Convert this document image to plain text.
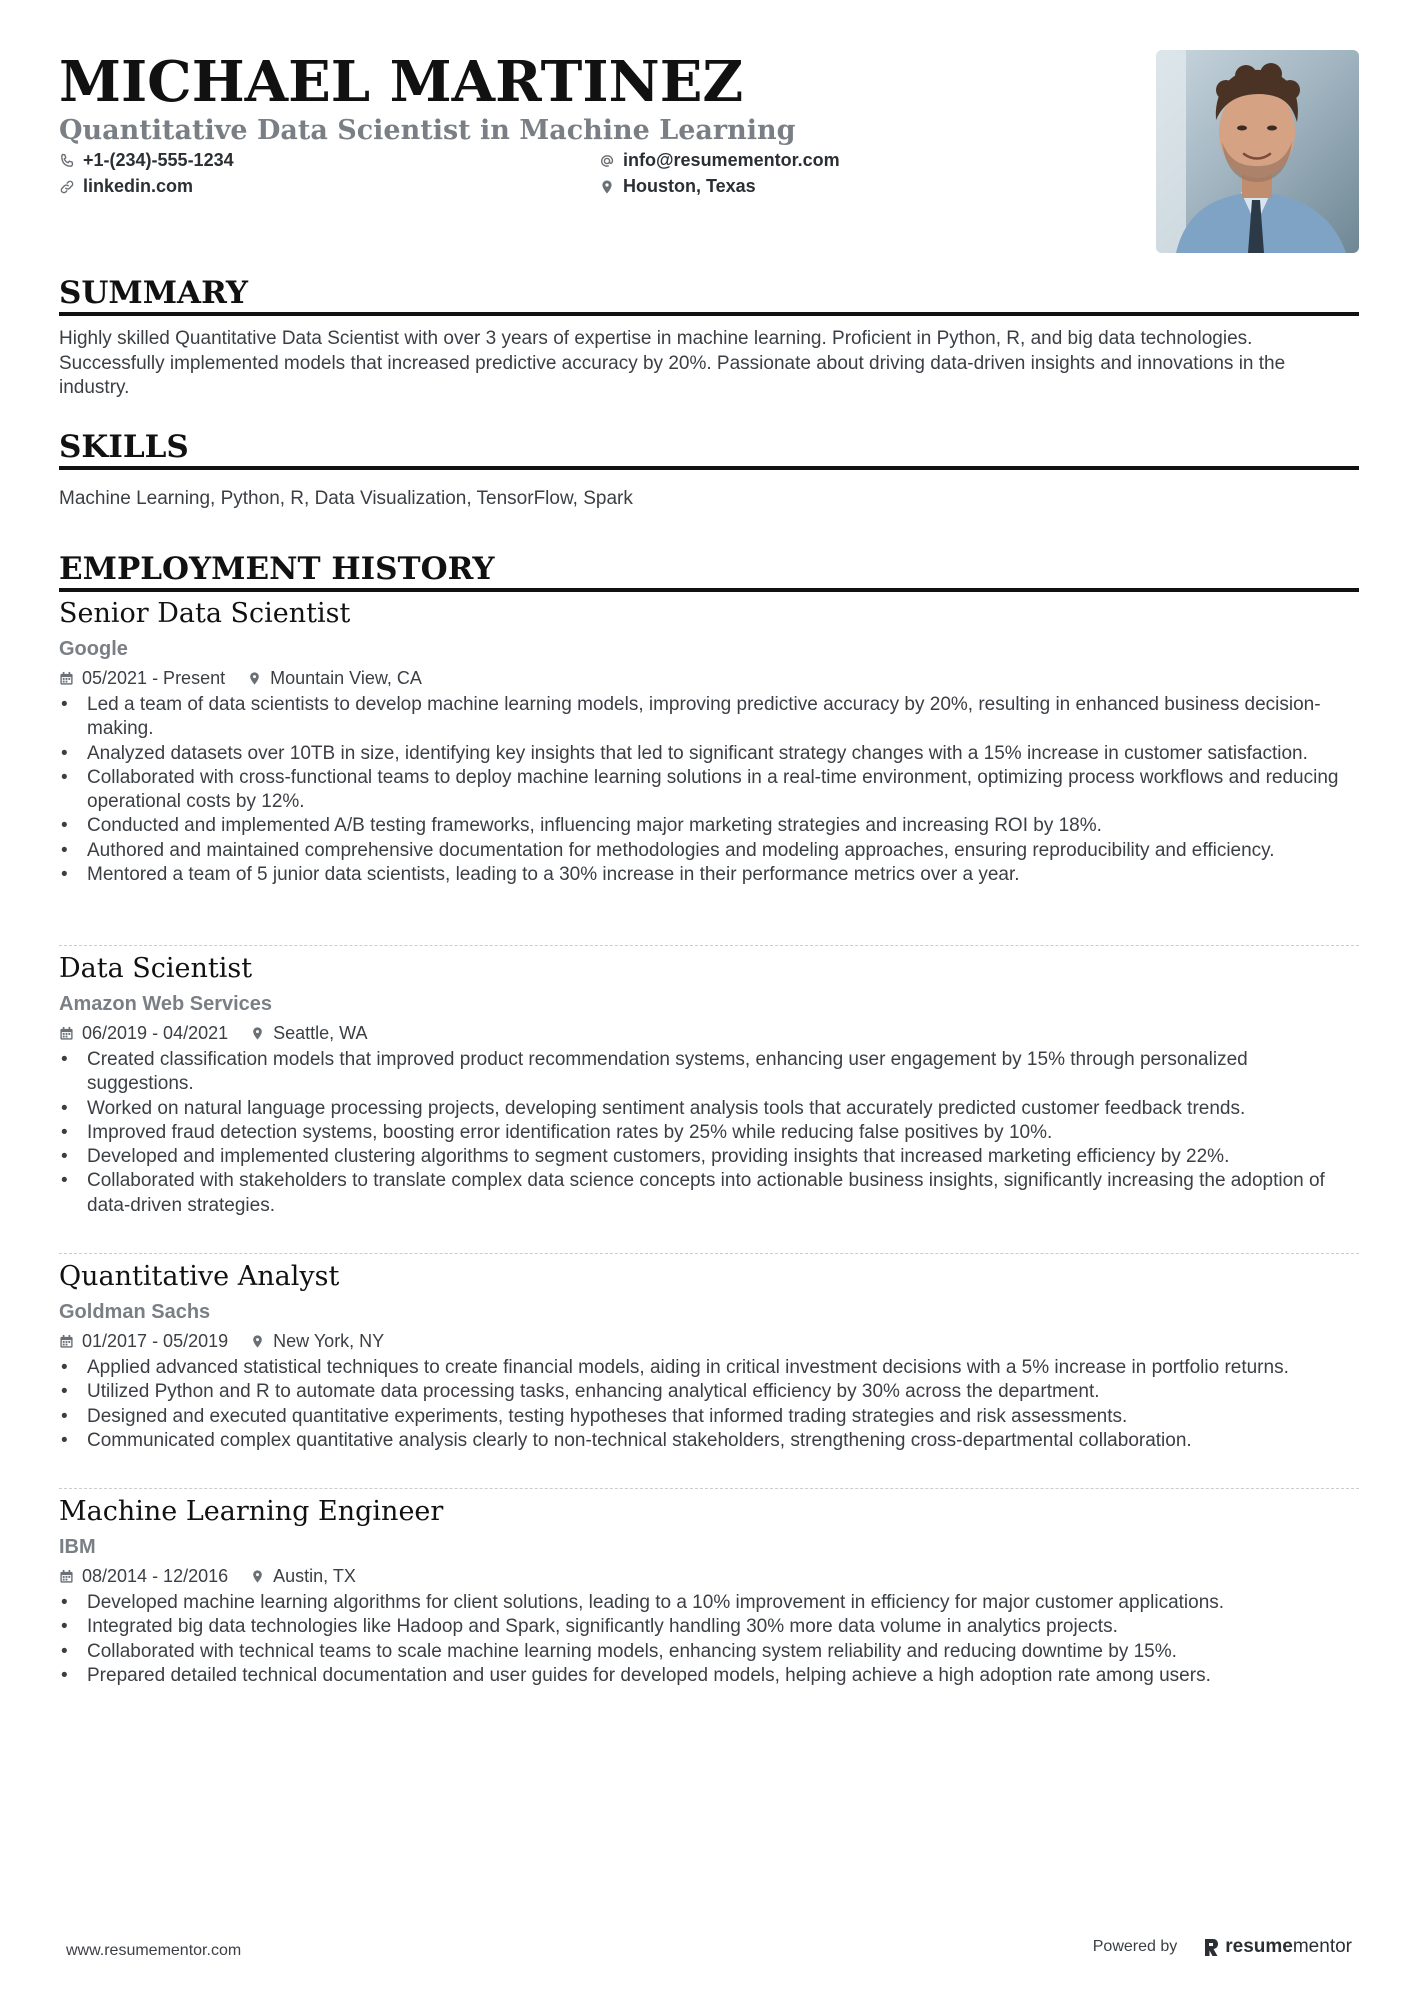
MICHAEL MARTINEZ
Quantitative Data Scientist in Machine Learning
+1-(234)-555-1234	info@resumementor.com
linkedin.com	Houston, Texas
SUMMARY
Highly skilled Quantitative Data Scientist with over 3 years of expertise in machine learning. Proficient in Python, R, and big data technologies. Successfully implemented models that increased predictive accuracy by 20%. Passionate about driving data-driven insights and innovations in the industry.
SKILLS
Machine Learning, Python, R, Data Visualization, TensorFlow, Spark
EMPLOYMENT HISTORY
Senior Data Scientist
Google
05/2021 - Present	Mountain View, CA
• Led a team of data scientists to develop machine learning models, improving predictive accuracy by 20%, resulting in enhanced business decision-making.
• Analyzed datasets over 10TB in size, identifying key insights that led to significant strategy changes with a 15% increase in customer satisfaction.
• Collaborated with cross-functional teams to deploy machine learning solutions in a real-time environment, optimizing process workflows and reducing operational costs by 12%.
• Conducted and implemented A/B testing frameworks, influencing major marketing strategies and increasing ROI by 18%.
• Authored and maintained comprehensive documentation for methodologies and modeling approaches, ensuring reproducibility and efficiency.
• Mentored a team of 5 junior data scientists, leading to a 30% increase in their performance metrics over a year.
Data Scientist
Amazon Web Services
06/2019 - 04/2021	Seattle, WA
• Created classification models that improved product recommendation systems, enhancing user engagement by 15% through personalized suggestions.
• Worked on natural language processing projects, developing sentiment analysis tools that accurately predicted customer feedback trends.
• Improved fraud detection systems, boosting error identification rates by 25% while reducing false positives by 10%.
• Developed and implemented clustering algorithms to segment customers, providing insights that increased marketing efficiency by 22%.
• Collaborated with stakeholders to translate complex data science concepts into actionable business insights, significantly increasing the adoption of data-driven strategies.
Quantitative Analyst
Goldman Sachs
01/2017 - 05/2019	New York, NY
• Applied advanced statistical techniques to create financial models, aiding in critical investment decisions with a 5% increase in portfolio returns.
• Utilized Python and R to automate data processing tasks, enhancing analytical efficiency by 30% across the department.
• Designed and executed quantitative experiments, testing hypotheses that informed trading strategies and risk assessments.
• Communicated complex quantitative analysis clearly to non-technical stakeholders, strengthening cross-departmental collaboration.
Machine Learning Engineer
IBM
08/2014 - 12/2016	Austin, TX
• Developed machine learning algorithms for client solutions, leading to a 10% improvement in efficiency for major customer applications.
• Integrated big data technologies like Hadoop and Spark, significantly handling 30% more data volume in analytics projects.
• Collaborated with technical teams to scale machine learning models, enhancing system reliability and reducing downtime by 15%.
• Prepared detailed technical documentation and user guides for developed models, helping achieve a high adoption rate among users.
www.resumementor.com	Powered by	resumementor
